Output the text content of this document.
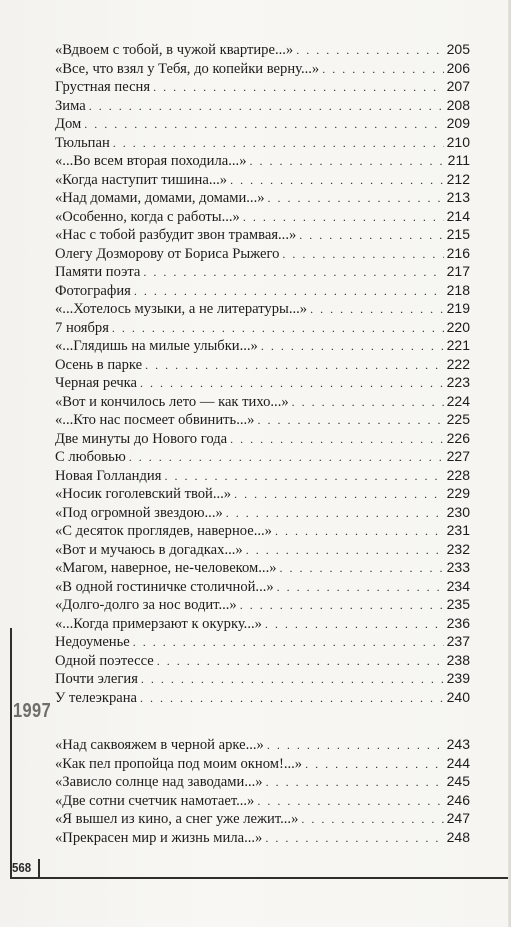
«Вдвоем с тобой, в чужой квартире...» . . .	205
«Все, что взял у Тебя, до копейки верну...» . . .	206
Грустная песня . . .	207
Зима . . .	208
Дом . . .	209
Тюльпан . . .	210
«...Во всем вторая походила...» . . .	211
«Когда наступит тишина...» . . .	212
«Над домами, домами, домами...» . . .	213
«Особенно, когда с работы...» . . .	214
«Нас с тобой разбудит звон трамвая...» . . .	215
Олегу Дозморову от Бориса Рыжего . . .	216
Памяти поэта . . .	217
Фотография . . .	218
«...Хотелось музыки, а не литературы...» . . .	219
7 ноября . . .	220
«...Глядишь на милые улыбки...» . . .	221
Осень в парке . . .	222
Черная речка . . .	223
«Вот и кончилось лето — как тихо...» . . .	224
«...Кто нас посмеет обвинить...» . . .	225
Две минуты до Нового года . . .	226
С любовью . . .	227
Новая Голландия . . .	228
«Носик гоголевский твой...» . . .	229
«Под огромной звездою...» . . .	230
«С десяток проглядев, наверное...» . . .	231
«Вот и мучаюсь в догадках...» . . .	232
«Магом, наверное, не-человеком...» . . .	233
«В одной гостиничке столичной...» . . .	234
«Долго-долго за нос водит...» . . .	235
«...Когда примерзают к окурку...» . . .	236
Недоуменье . . .	237
Одной поэтессе . . .	238
Почти элегия . . .	239
У телеэкрана . . .	240
1997
«Над саквояжем в черной арке...» . . .	243
«Как пел пропойца под моим окном!...» . . .	244
«Зависло солнце над заводами...» . . .	245
«Две сотни счетчик намотает...» . . .	246
«Я вышел из кино, а снег уже лежит...» . . .	247
«Прекрасен мир и жизнь мила...» . . .	248
568
